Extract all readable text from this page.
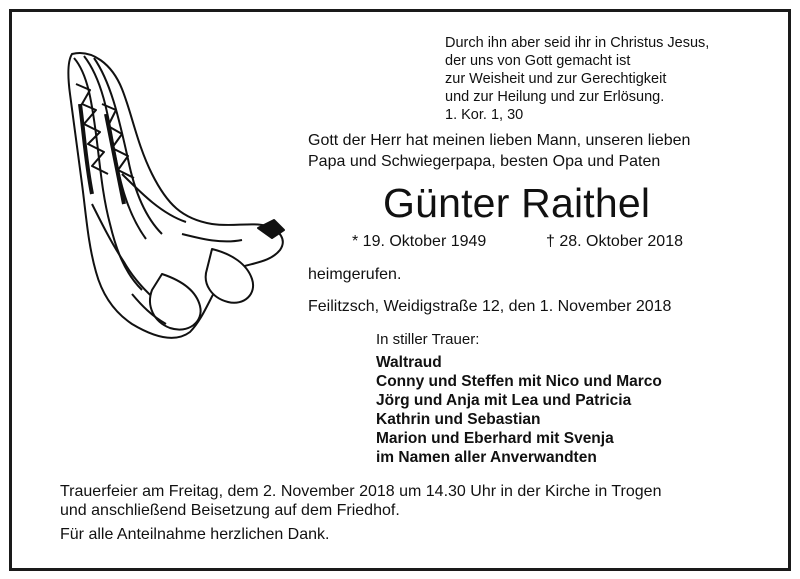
Durch ihn aber seid ihr in Christus Jesus,
der uns von Gott gemacht ist
zur Weisheit und zur Gerechtigkeit
und zur Heilung und zur Erlösung.
1. Kor. 1, 30
Gott der Herr hat meinen lieben Mann, unseren lieben
Papa und Schwiegerpapa, besten Opa und Paten
Günter Raithel
* 19. Oktober 1949	† 28. Oktober 2018
heimgerufen.
Feilitzsch, Weidigstraße 12, den 1. November 2018
In stiller Trauer:
Waltraud
Conny und Steffen mit Nico und Marco
Jörg und Anja mit Lea und Patricia
Kathrin und Sebastian
Marion und Eberhard mit Svenja
im Namen aller Anverwandten
Trauerfeier am Freitag, dem 2. November 2018 um 14.30 Uhr in der Kirche in Trogen
und anschließend Beisetzung auf dem Friedhof.
Für alle Anteilnahme herzlichen Dank.
